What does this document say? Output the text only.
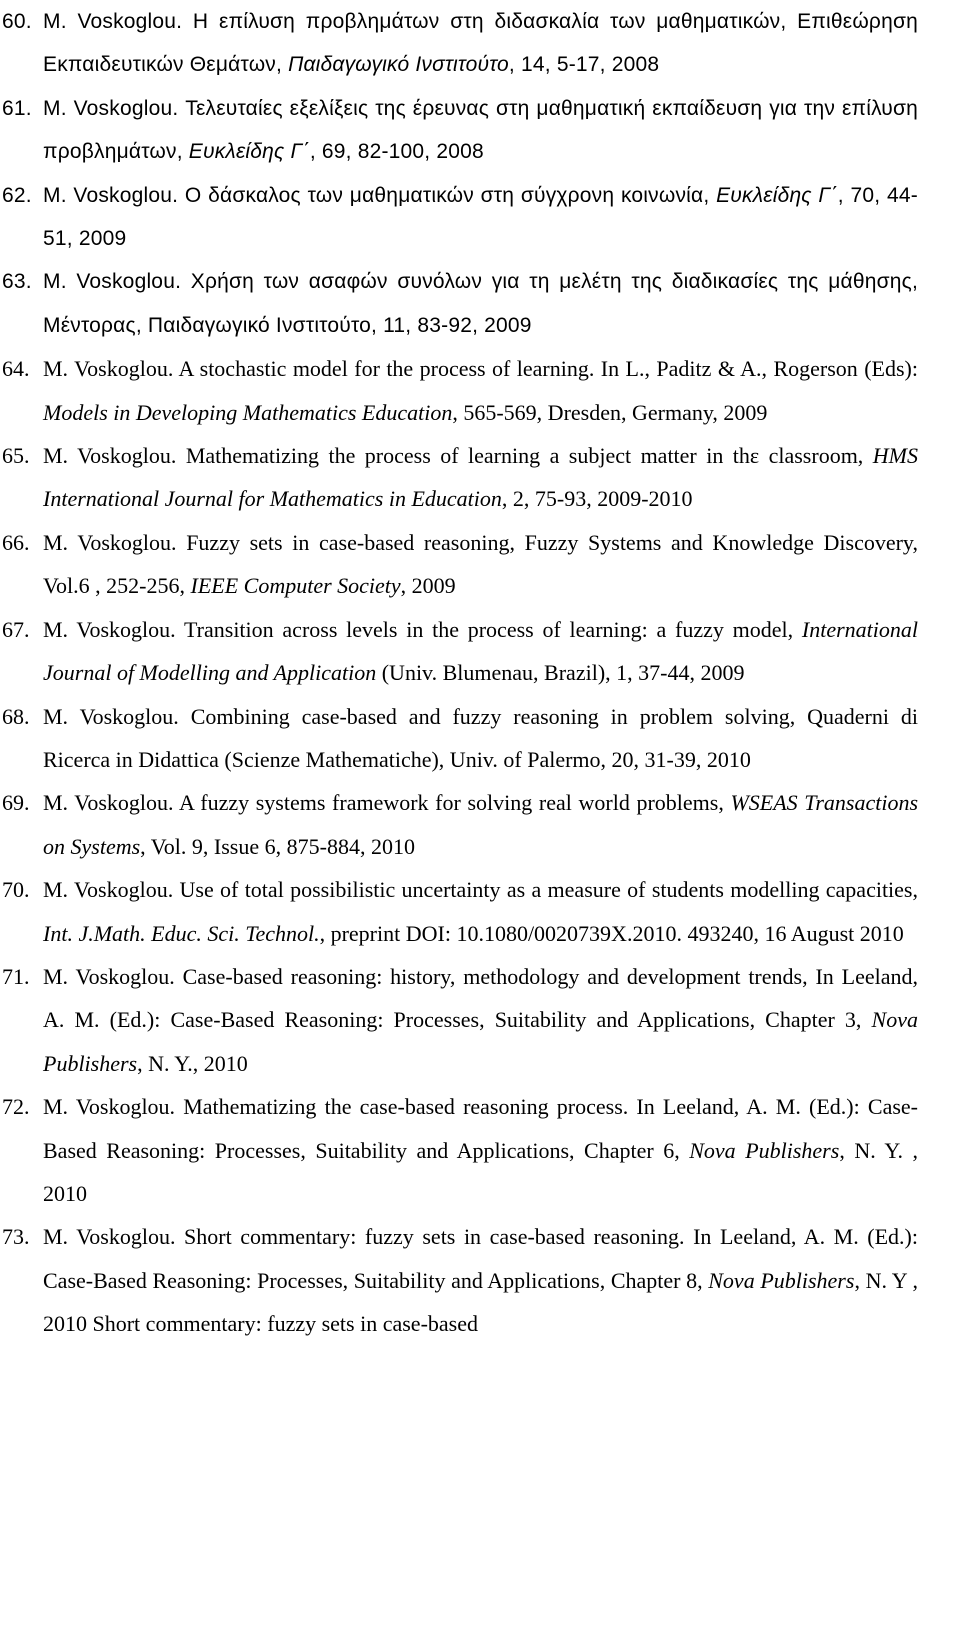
60. M. Voskoglou. Η επίλυση προβλημάτων στη διδασκαλία των μαθηματικών, Επιθεώρηση Εκπαιδευτικών Θεμάτων, Παιδαγωγικό Ινστιτούτο, 14, 5-17, 2008

61. M. Voskoglou. Τελευταίες εξελίξεις της έρευνας στη μαθηματική εκπαίδευση για την επίλυση προβλημάτων, Ευκλείδης Γ΄, 69, 82-100, 2008

62. M. Voskoglou. Ο δάσκαλος των μαθηματικών στη σύγχρονη κοινωνία, Ευκλείδης Γ΄, 70, 44-51, 2009

63. M. Voskoglou. Χρήση των ασαφών συνόλων για τη μελέτη της διαδικασίες της μάθησης, Μέντορας, Παιδαγωγικό Ινστιτούτο, 11, 83-92, 2009

64. M. Voskoglou. A stochastic model for the process of learning. In L., Paditz & A., Rogerson (Eds): Models in Developing Mathematics Education, 565-569, Dresden, Germany, 2009

65. M. Voskoglou. Mathematizing the process of learning a subject matter in thε classroom, HMS International Journal for Mathematics in Education, 2, 75-93, 2009-2010

66. M. Voskoglou. Fuzzy sets in case-based reasoning, Fuzzy Systems and Knowledge Discovery, Vol.6 , 252-256, IEEE Computer Society, 2009

67. M. Voskoglou. Transition across levels in the process of learning: a fuzzy model, International Journal of Modelling and Application (Univ. Blumenau, Brazil), 1, 37-44, 2009

68. M. Voskoglou. Combining case-based and fuzzy reasoning in problem solving, Quaderni di Ricerca in Didattica (Scienze Mathematiche), Univ. of Palermo, 20, 31-39, 2010

69. M. Voskoglou. A fuzzy systems framework for solving real world problems, WSEAS Transactions on Systems, Vol. 9, Issue 6, 875-884, 2010

70. M. Voskoglou. Use of total possibilistic uncertainty as a measure of students modelling capacities, Int. J.Math. Educ. Sci. Technol., preprint DOI: 10.1080/0020739X.2010. 493240, 16 August 2010

71. M. Voskoglou. Case-based reasoning: history, methodology and development trends, In Leeland, A. M. (Ed.): Case-Based Reasoning: Processes, Suitability and Applications, Chapter 3, Nova Publishers, N. Y., 2010

72. M. Voskoglou. Mathematizing the case-based reasoning process. In Leeland, A. M. (Ed.): Case-Based Reasoning: Processes, Suitability and Applications, Chapter 6, Nova Publishers, N. Y. , 2010

73. M. Voskoglou. Short commentary: fuzzy sets in case-based reasoning. In Leeland, A. M. (Ed.): Case-Based Reasoning: Processes, Suitability and Applications, Chapter 8, Nova Publishers, N. Y , 2010 Short commentary: fuzzy sets in case-based
